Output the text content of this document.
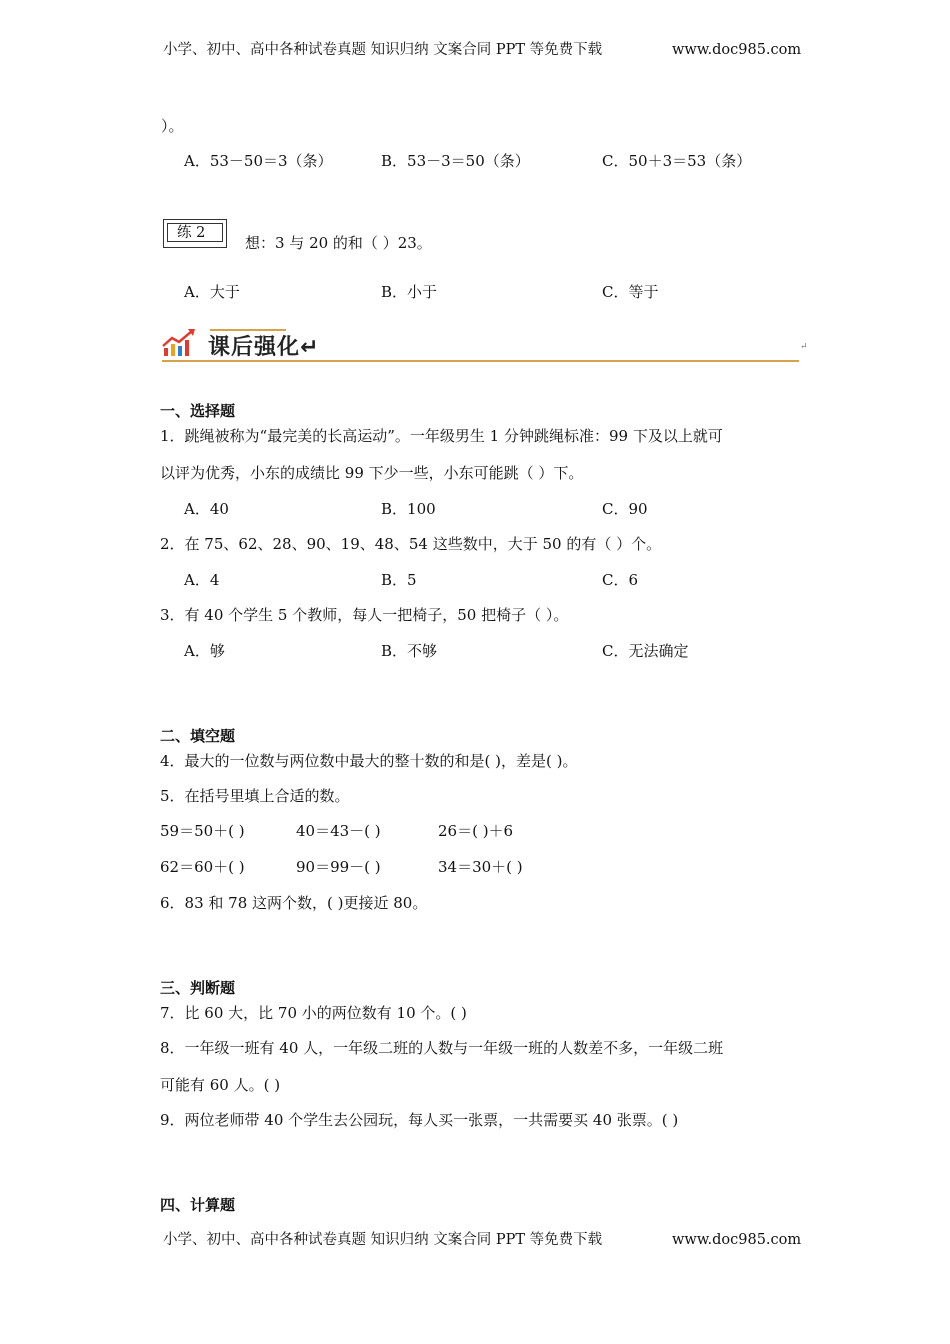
小学、初中、高中各种试卷真题 知识归纳 文案合同 PPT 等免费下载	www.doc985.com
）。
A．53－50＝3（条）	B．53－3＝50（条）	C．50＋3＝53（条）
练 2
想：3 与 20 的和（ ）23。
A．大于	B．小于	C．等于
课后强化↵	↵
一、选择题
1．跳绳被称为“最完美的长高运动”。一年级男生 1 分钟跳绳标准：99 下及以上就可
以评为优秀，小东的成绩比 99 下少一些，小东可能跳（ ）下。
A．40	B．100	C．90
2．在 75、62、28、90、19、48、54 这些数中，大于 50 的有（ ）个。
A．4	B．5	C．6
3．有 40 个学生 5 个教师，每人一把椅子，50 把椅子（ ）。
A．够	B．不够	C．无法确定
二、填空题
4．最大的一位数与两位数中最大的整十数的和是( )，差是( )。
5．在括号里填上合适的数。
59＝50＋( )	40＝43－( )	26＝( )＋6
62＝60＋( )	90＝99－( )	34＝30＋( )
6．83 和 78 这两个数，( )更接近 80。
三、判断题
7．比 60 大，比 70 小的两位数有 10 个。( )
8．一年级一班有 40 人，一年级二班的人数与一年级一班的人数差不多，一年级二班
可能有 60 人。( )
9．两位老师带 40 个学生去公园玩，每人买一张票，一共需要买 40 张票。( )
四、计算题
小学、初中、高中各种试卷真题 知识归纳 文案合同 PPT 等免费下载	www.doc985.com
